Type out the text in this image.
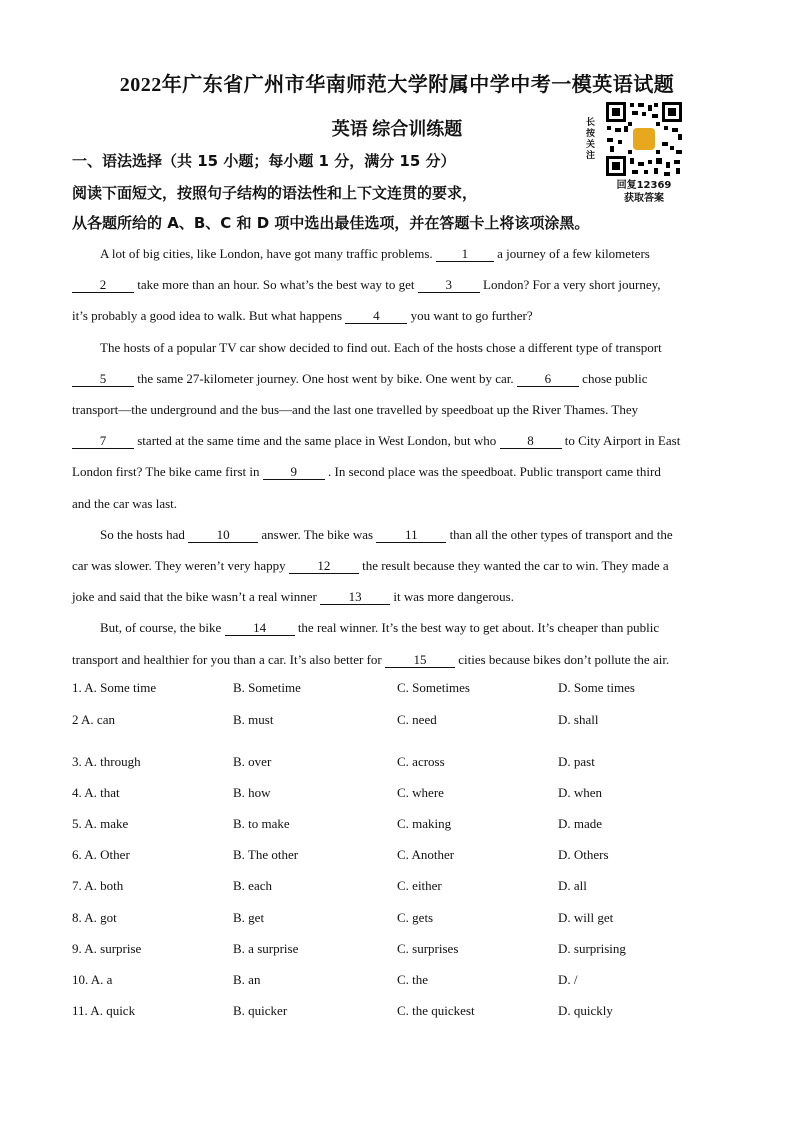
2022年广东省广州市华南师范大学附属中学中考一模英语试题
英语 综合训练题	长按关注
回复12369
获取答案
一、语法选择（共 15 小题；每小题 1 分，满分 15 分）
阅读下面短文，按照句子结构的语法性和上下文连贯的要求，
从各题所给的 A、B、C 和 D 项中选出最佳选项，并在答题卡上将该项涂黑。
A lot of big cities, like London, have got many traffic problems. 1 a journey of a few kilometers
2 take more than an hour. So what’s the best way to get 3 London? For a very short journey,
it’s probably a good idea to walk. But what happens 4 you want to go further?
The hosts of a popular TV car show decided to find out. Each of the hosts chose a different type of transport
5 the same 27-kilometer journey. One host went by bike. One went by car. 6 chose public
transport—the underground and the bus—and the last one travelled by speedboat up the River Thames. They
7 started at the same time and the same place in West London, but who 8 to City Airport in East
London first? The bike came first in 9 . In second place was the speedboat. Public transport came third
and the car was last.
So the hosts had 10 answer. The bike was 11 than all the other types of transport and the
car was slower. They weren’t very happy 12 the result because they wanted the car to win. They made a
joke and said that the bike wasn’t a real winner 13 it was more dangerous.
But, of course, the bike 14 the real winner. It’s the best way to get about. It’s cheaper than public
transport and healthier for you than a car. It’s also better for 15 cities because bikes don’t pollute the air.
1. A. Some time	B. Sometime	C. Sometimes	D. Some times
2 A. can	B. must	C. need	D. shall
3. A. through	B. over	C. across	D. past
4. A. that	B. how	C. where	D. when
5. A. make	B. to make	C. making	D. made
6. A. Other	B. The other	C. Another	D. Others
7. A. both	B. each	C. either	D. all
8. A. got	B. get	C. gets	D. will get
9. A. surprise	B. a surprise	C. surprises	D. surprising
10. A. a	B. an	C. the	D. /
11. A. quick	B. quicker	C. the quickest	D. quickly
